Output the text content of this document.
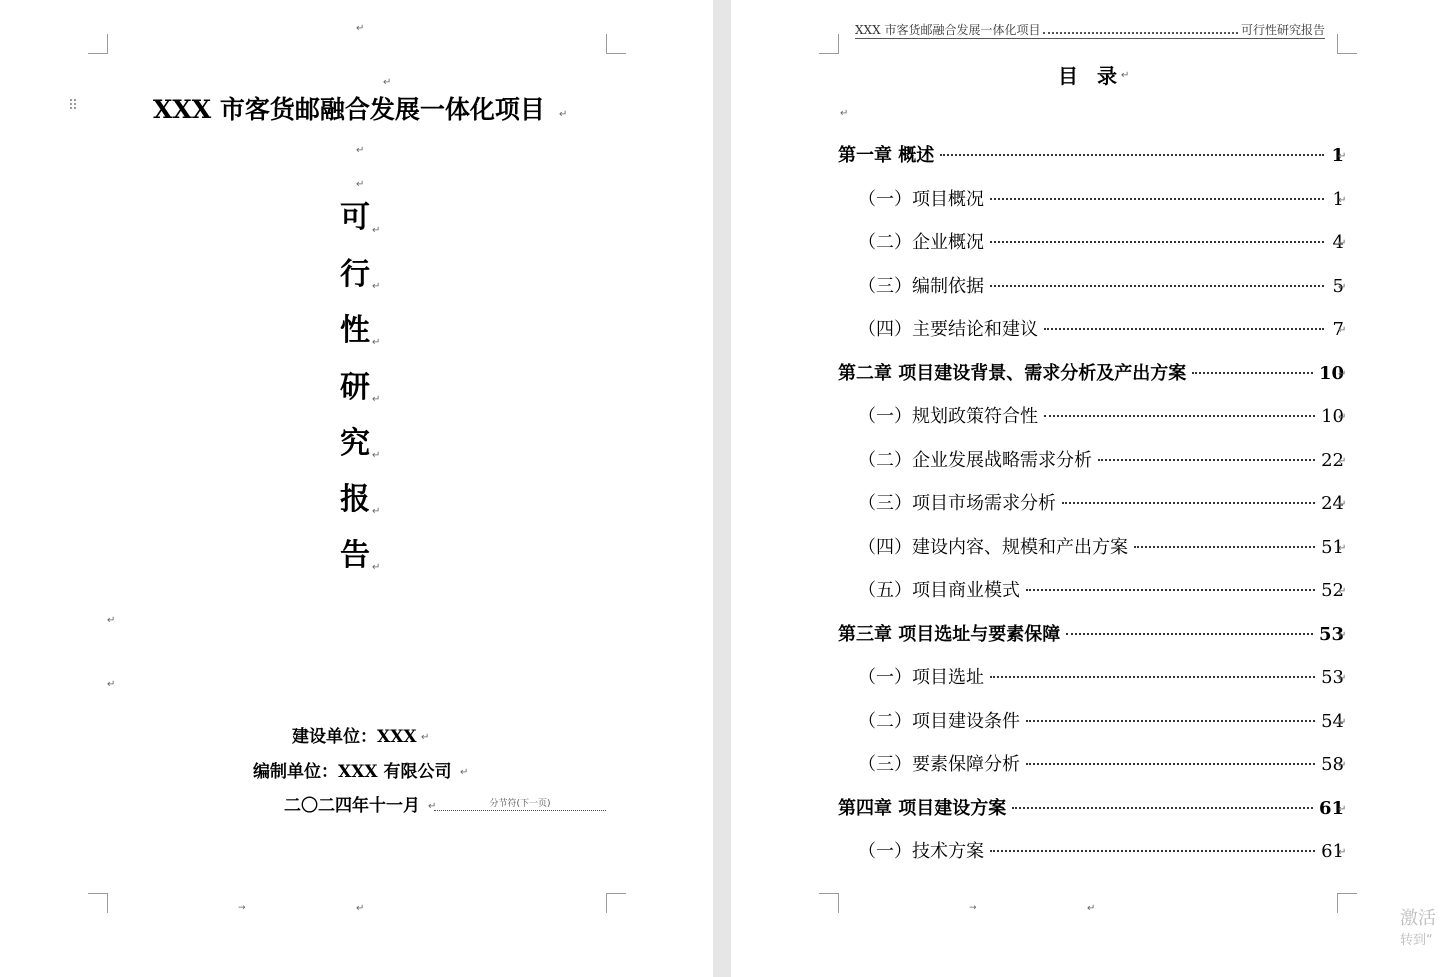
⠿
↵
↵	XXX 市客货邮融合发展一体化项目
↵
↵
↵
可
行
性
研
究
报
告
↵
↵
↵
↵
↵
↵
↵
↵
↵
建设单位：XXX
↵
编制单位：XXX 有限公司
↵
二〇二四年十一月 ↵	分节符(下一页)
→
↵
→
↵
XXX 市客货邮融合发展一体化项目	可行性研究报告
目 录
↵
↵
第一章 概述	1
↵
（一）项目概况	1
↵
（二）企业概况	4
↵
（三）编制依据	5
↵
（四）主要结论和建议	7
↵
第二章 项目建设背景、需求分析及产出方案	10
↵
（一）规划政策符合性	10
↵
（二）企业发展战略需求分析	22
↵
（三）项目市场需求分析	24
↵
（四）建设内容、规模和产出方案	51
↵
（五）项目商业模式	52
↵
第三章 项目选址与要素保障	53
↵
（一）项目选址	53
↵
（二）项目建设条件	54
↵
（三）要素保障分析	58
↵
第四章 项目建设方案	61
↵
（一）技术方案	61
↵
激活
转到“
